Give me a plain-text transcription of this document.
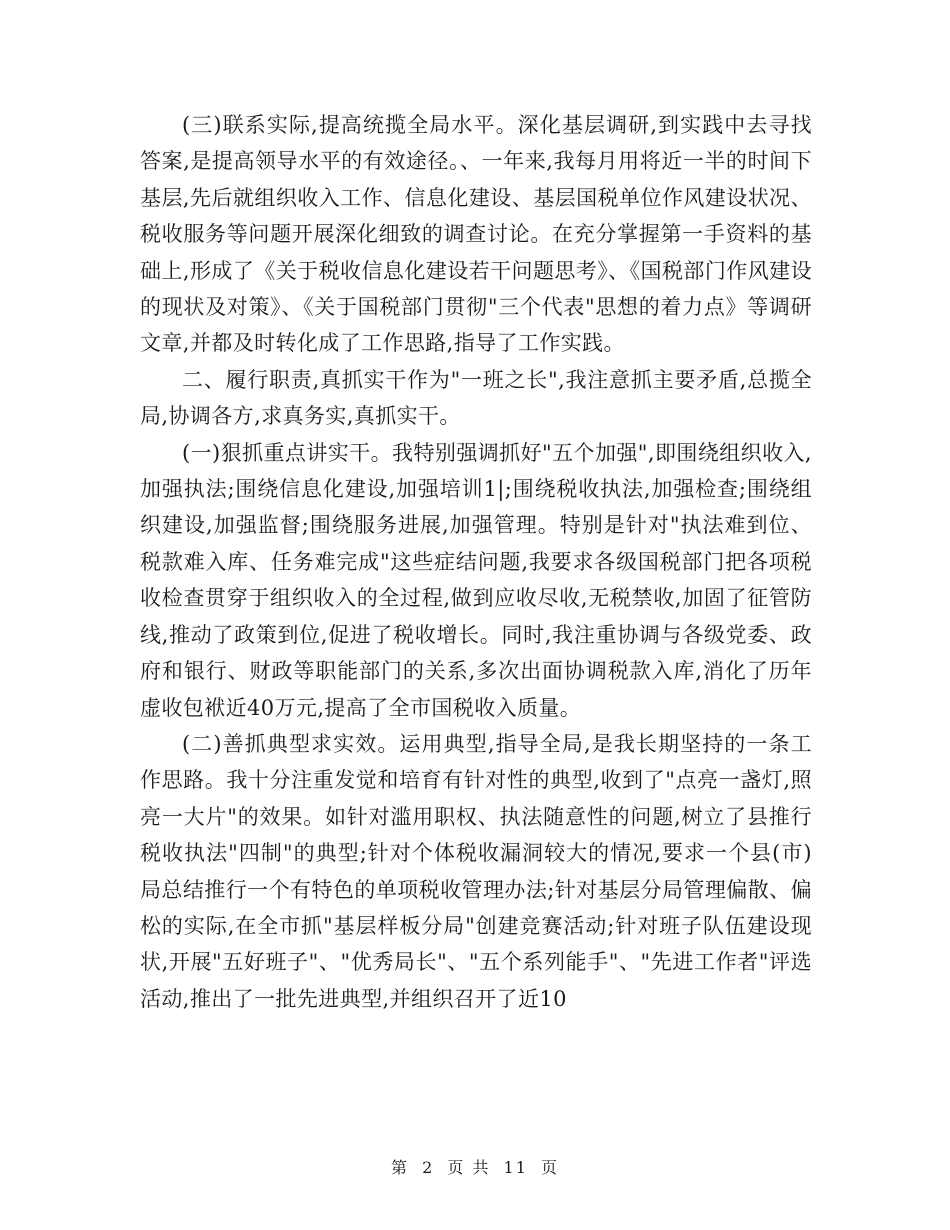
(三)联系实际,提高统揽全局水平。深化基层调研,到实践中去寻找答案,是提高领导水平的有效途径。、一年来,我每月用将近一半的时间下基层,先后就组织收入工作、信息化建设、基层国税单位作风建设状况、税收服务等问题开展深化细致的调查讨论。在充分掌握第一手资料的基础上,形成了《关于税收信息化建设若干问题思考》、《国税部门作风建设的现状及对策》、《关于国税部门贯彻"三个代表"思想的着力点》等调研文章,并都及时转化成了工作思路,指导了工作实践。

二、履行职责,真抓实干作为"一班之长",我注意抓主要矛盾,总揽全局,协调各方,求真务实,真抓实干。

(一)狠抓重点讲实干。我特别强调抓好"五个加强",即围绕组织收入,加强执法;围绕信息化建设,加强培训1|;围绕税收执法,加强检查;围绕组织建设,加强监督;围绕服务进展,加强管理。特别是针对"执法难到位、税款难入库、任务难完成"这些症结问题,我要求各级国税部门把各项税收检查贯穿于组织收入的全过程,做到应收尽收,无税禁收,加固了征管防线,推动了政策到位,促进了税收增长。同时,我注重协调与各级党委、政府和银行、财政等职能部门的关系,多次出面协调税款入库,消化了历年虚收包袱近40万元,提高了全市国税收入质量。

(二)善抓典型求实效。运用典型,指导全局,是我长期坚持的一条工作思路。我十分注重发觉和培育有针对性的典型,收到了"点亮一盏灯,照亮一大片"的效果。如针对滥用职权、执法随意性的问题,树立了县推行税收执法"四制"的典型;针对个体税收漏洞较大的情况,要求一个县(市)局总结推行一个有特色的单项税收管理办法;针对基层分局管理偏散、偏松的实际,在全市抓"基层样板分局"创建竞赛活动;针对班子队伍建设现状,开展"五好班子"、"优秀局长"、"五个系列能手"、"先进工作者"评选活动,推出了一批先进典型,并组织召开了近10

第 2 页 共 11 页
